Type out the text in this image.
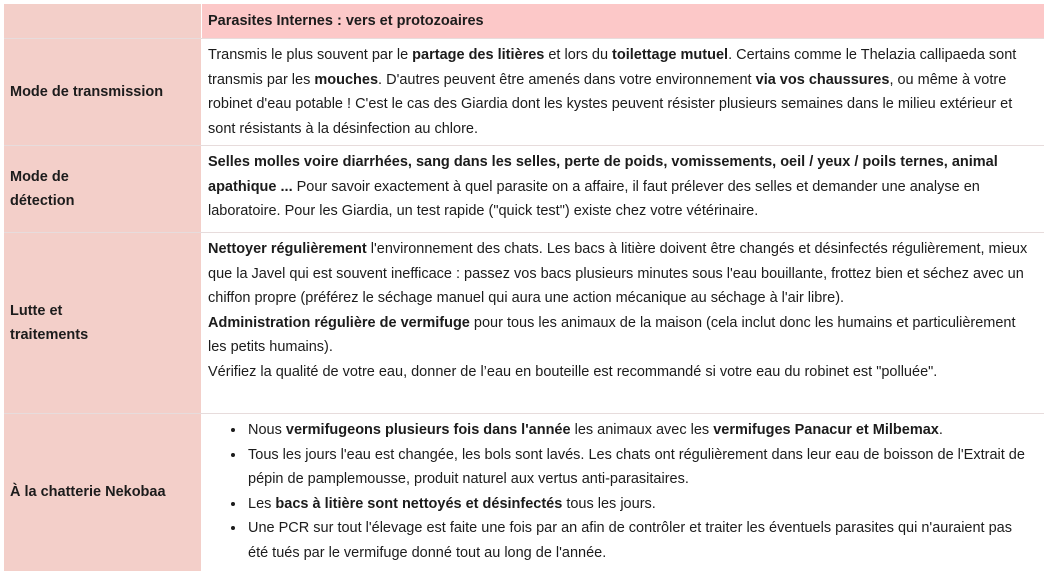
Parasites Internes : vers et protozoaires
Mode de transmission
Transmis le plus souvent par le partage des litières et lors du toilettage mutuel. Certains comme le Thelazia callipaeda sont transmis par les mouches. D'autres peuvent être amenés dans votre environnement via vos chaussures, ou même à votre robinet d'eau potable ! C'est le cas des Giardia dont les kystes peuvent résister plusieurs semaines dans le milieu extérieur et sont résistants à la désinfection au chlore.
Mode de
détection
Selles molles voire diarrhées, sang dans les selles, perte de poids, vomissements, oeil / yeux / poils ternes, animal apathique ... Pour savoir exactement à quel parasite on a affaire, il faut prélever des selles et demander une analyse en laboratoire. Pour les Giardia, un test rapide ("quick test") existe chez votre vétérinaire.
Lutte et
traitements
Nettoyer régulièrement l'environnement des chats. Les bacs à litière doivent être changés et désinfectés régulièrement, mieux que la Javel qui est souvent inefficace : passez vos bacs plusieurs minutes sous l'eau bouillante, frottez bien et séchez avec un chiffon propre (préférez le séchage manuel qui aura une action mécanique au séchage à l'air libre).
Administration régulière de vermifuge pour tous les animaux de la maison (cela inclut donc les humains et particulièrement les petits humains).
Vérifiez la qualité de votre eau, donner de l’eau en bouteille est recommandé si votre eau du robinet est "polluée".
À la chatterie Nekobaa
• Nous vermifugeons plusieurs fois dans l'année les animaux avec les vermifuges Panacur et Milbemax.
• Tous les jours l'eau est changée, les bols sont lavés. Les chats ont régulièrement dans leur eau de boisson de l'Extrait de pépin de pamplemousse, produit naturel aux vertus anti-parasitaires.
• Les bacs à litière sont nettoyés et désinfectés tous les jours.
• Une PCR sur tout l'élevage est faite une fois par an afin de contrôler et traiter les éventuels parasites qui n'auraient pas été tués par le vermifuge donné tout au long de l'année.
